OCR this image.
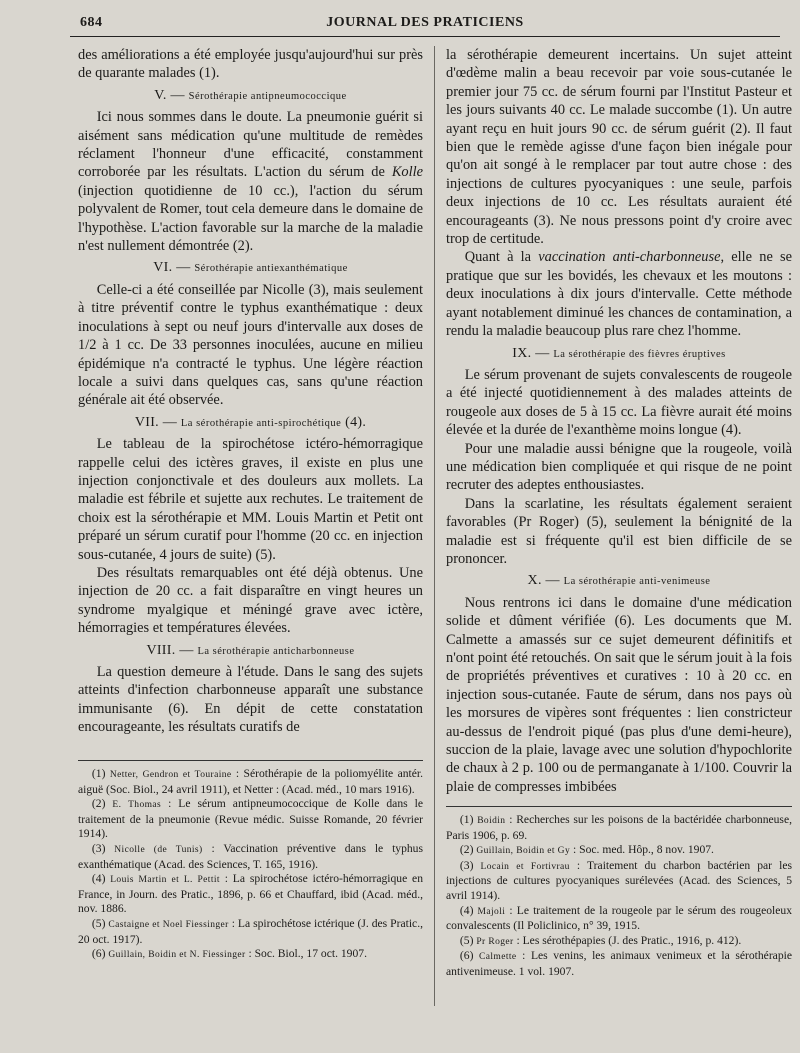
684	JOURNAL DES PRATICIENS

des améliorations a été employée jusqu'aujourd'hui sur près de quarante malades (1).

V. — Sérothérapie antipneumococcique

Ici nous sommes dans le doute. La pneumonie guérit si aisément sans médication qu'une multitude de remèdes réclament l'honneur d'une efficacité, constamment corroborée par les résultats. L'action du sérum de Kolle (injection quotidienne de 10 cc.), l'action du sérum polyvalent de Romer, tout cela demeure dans le domaine de l'hypothèse. L'action favorable sur la marche de la maladie n'est nullement démontrée (2).

VI. — Sérothérapie antiexanthématique

Celle-ci a été conseillée par Nicolle (3), mais seulement à titre préventif contre le typhus exanthématique : deux inoculations à sept ou neuf jours d'intervalle aux doses de 1/2 à 1 cc. De 33 personnes inoculées, aucune en milieu épidémique n'a contracté le typhus. Une légère réaction locale a suivi dans quelques cas, sans qu'une réaction générale ait été observée.

VII. — La sérothérapie anti-spirochétique (4).

Le tableau de la spirochétose ictéro-hémorragique rappelle celui des ictères graves, il existe en plus une injection conjonctivale et des douleurs aux mollets. La maladie est fébrile et sujette aux rechutes. Le traitement de choix est la sérothérapie et MM. Louis Martin et Petit ont préparé un sérum curatif pour l'homme (20 cc. en injection sous-cutanée, 4 jours de suite) (5).

Des résultats remarquables ont été déjà obtenus. Une injection de 20 cc. a fait disparaître en vingt heures un syndrome myalgique et méningé grave avec ictère, hémorragies et températures élevées.

VIII. — La sérothérapie anticharbonneuse

La question demeure à l'étude. Dans le sang des sujets atteints d'infection charbonneuse apparaît une substance immunisante (6). En dépit de cette constatation encourageante, les résultats curatifs de

la sérothérapie demeurent incertains. Un sujet atteint d'œdème malin a beau recevoir par voie sous-cutanée le premier jour 75 cc. de sérum fourni par l'Institut Pasteur et les jours suivants 40 cc. Le malade succombe (1). Un autre ayant reçu en huit jours 90 cc. de sérum guérit (2). Il faut bien que le remède agisse d'une façon bien inégale pour qu'on ait songé à le remplacer par tout autre chose : des injections de cultures pyocyaniques : une seule, parfois deux injections de 10 cc. Les résultats auraient été encourageants (3). Ne nous pressons point d'y croire avec trop de certitude.

Quant à la vaccination anti-charbonneuse, elle ne se pratique que sur les bovidés, les chevaux et les moutons : deux inoculations à dix jours d'intervalle. Cette méthode ayant notablement diminué les chances de contamination, a rendu la maladie beaucoup plus rare chez l'homme.

IX. — La sérothérapie des fièvres éruptives

Le sérum provenant de sujets convalescents de rougeole a été injecté quotidiennement à des malades atteints de rougeole aux doses de 5 à 15 cc. La fièvre aurait été moins élevée et la durée de l'exanthème moins longue (4).

Pour une maladie aussi bénigne que la rougeole, voilà une médication bien compliquée et qui risque de ne point recruter des adeptes enthousiastes.

Dans la scarlatine, les résultats également seraient favorables (Pr Roger) (5), seulement la bénignité de la maladie est si fréquente qu'il est bien difficile de se prononcer.

X. — La sérothérapie anti-venimeuse

Nous rentrons ici dans le domaine d'une médication solide et dûment vérifiée (6). Les documents que M. Calmette a amassés sur ce sujet demeurent définitifs et n'ont point été retouchés. On sait que le sérum jouit à la fois de propriétés préventives et curatives : 10 à 20 cc. en injection sous-cutanée. Faute de sérum, dans nos pays où les morsures de vipères sont fréquentes : lien constricteur au-dessus de l'endroit piqué (pas plus d'une demi-heure), succion de la plaie, lavage avec une solution d'hypochlorite de chaux à 2 p. 100 ou de permanganate à 1/100. Couvrir la plaie de compresses imbibées

(1) Netter, Gendron et Touraine : Sérothérapie de la poliomyélite antér. aiguë (Soc. Biol., 24 avril 1911), et Netter : (Acad. méd., 10 mars 1916).

(2) E. Thomas : Le sérum antipneumococcique de Kolle dans le traitement de la pneumonie (Revue médic. Suisse Romande, 20 février 1914).

(3) Nicolle (de Tunis) : Vaccination préventive dans le typhus exanthématique (Acad. des Sciences, T. 165, 1916).

(4) Louis Martin et L. Pettit : La spirochétose ictéro-hémorragique en France, in Journ. des Pratic., 1896, p. 66 et Chauffard, ibid (Acad. méd., nov. 1886.

(5) Castaigne et Noel Fiessinger : La spirochétose ictérique (J. des Pratic., 20 oct. 1917).

(6) Guillain, Boidin et N. Fiessinger : Soc. Biol., 17 oct. 1907.

(1) Boidin : Recherches sur les poisons de la bactéridée charbonneuse, Paris 1906, p. 69.

(2) Guillain, Boidin et Gy : Soc. med. Hôp., 8 nov. 1907.

(3) Locain et Fortivrau : Traitement du charbon bactérien par les injections de cultures pyocyaniques surélevées (Acad. des Sciences, 5 avril 1914).

(4) Majoli : Le traitement de la rougeole par le sérum des rougeoleux convalescents (Il Policlinico, n° 39, 1915.

(5) Pr Roger : Les sérothépapies (J. des Pratic., 1916, p. 412).

(6) Calmette : Les venins, les animaux venimeux et la sérothérapie antivenimeuse. 1 vol. 1907.
